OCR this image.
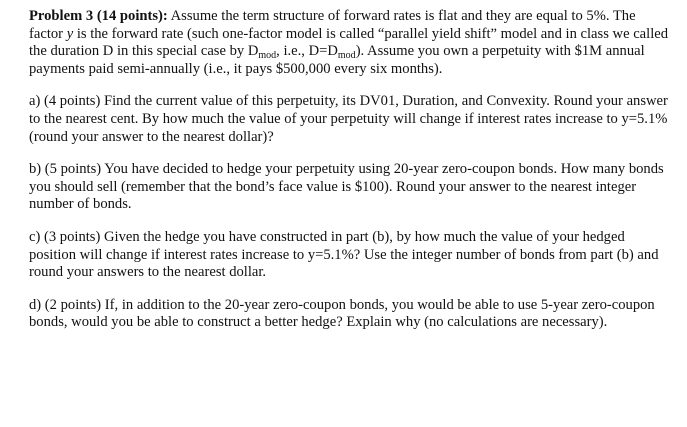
Problem 3 (14 points): Assume the term structure of forward rates is flat and they are equal to 5%. The factor y is the forward rate (such one-factor model is called “parallel yield shift” model and in class we called the duration D in this special case by $D_{mod}$, i.e., $D=D_{mod}$). Assume you own a perpetuity with $1M annual payments paid semi-annually (i.e., it pays $500,000 every six months).

a) (4 points) Find the current value of this perpetuity, its DV01, Duration, and Convexity. Round your answer to the nearest cent. By how much the value of your perpetuity will change if interest rates increase to y=5.1% (round your answer to the nearest dollar)?

b) (5 points) You have decided to hedge your perpetuity using 20-year zero-coupon bonds. How many bonds you should sell (remember that the bond’s face value is $100). Round your answer to the nearest integer number of bonds.

c) (3 points) Given the hedge you have constructed in part (b), by how much the value of your hedged position will change if interest rates increase to y=5.1%? Use the integer number of bonds from part (b) and round your answers to the nearest dollar.

d) (2 points) If, in addition to the 20-year zero-coupon bonds, you would be able to use 5-year zero-coupon bonds, would you be able to construct a better hedge? Explain why (no calculations are necessary).
